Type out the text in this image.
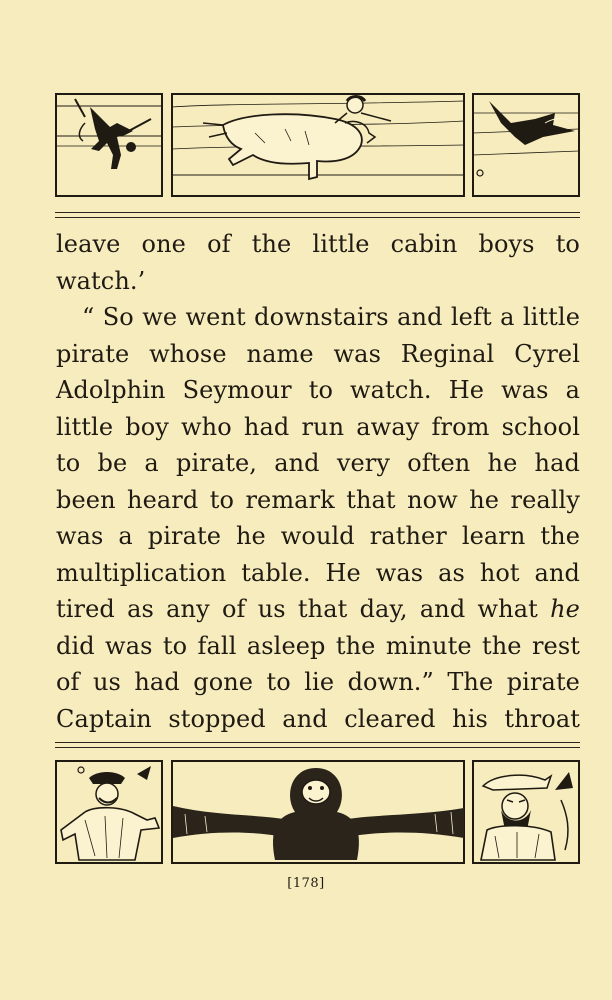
leave one of the little cabin boys to
watch.’
“ So we went downstairs and left a little
pirate whose name was Reginal Cyrel
Adolphin Seymour to watch. He was a
little boy who had run away from school
to be a pirate, and very often he had
been heard to remark that now he really
was a pirate he would rather learn the
multiplication table. He was as hot and
tired as any of us that day, and what he
did was to fall asleep the minute the rest
of us had gone to lie down.” The pirate
Captain stopped and cleared his throat
[178]
